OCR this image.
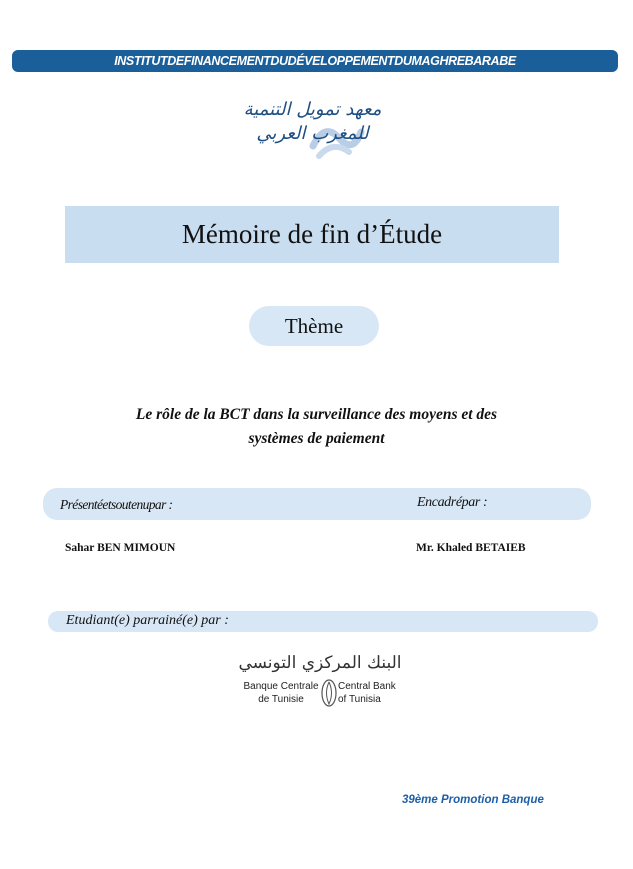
INSTITUTDEFINANCEMENTDUDÉVELOPPEMENTDUMAGHREBARABE
معهد تمويل التنمية
للمغرب العربي
Mémoire de fin d’Étude
Thème
Le rôle de la BCT dans la surveillance des moyens et des
systèmes de paiement
Présentéetsoutenupar :	Encadrépar :
Sahar BEN MIMOUN	Mr. Khaled BETAIEB
Etudiant(e) parrainé(e) par :
البنك المركزي التونسي
Banque Centrale
de Tunisie
Central Bank
of Tunisia
39ème Promotion Banque
